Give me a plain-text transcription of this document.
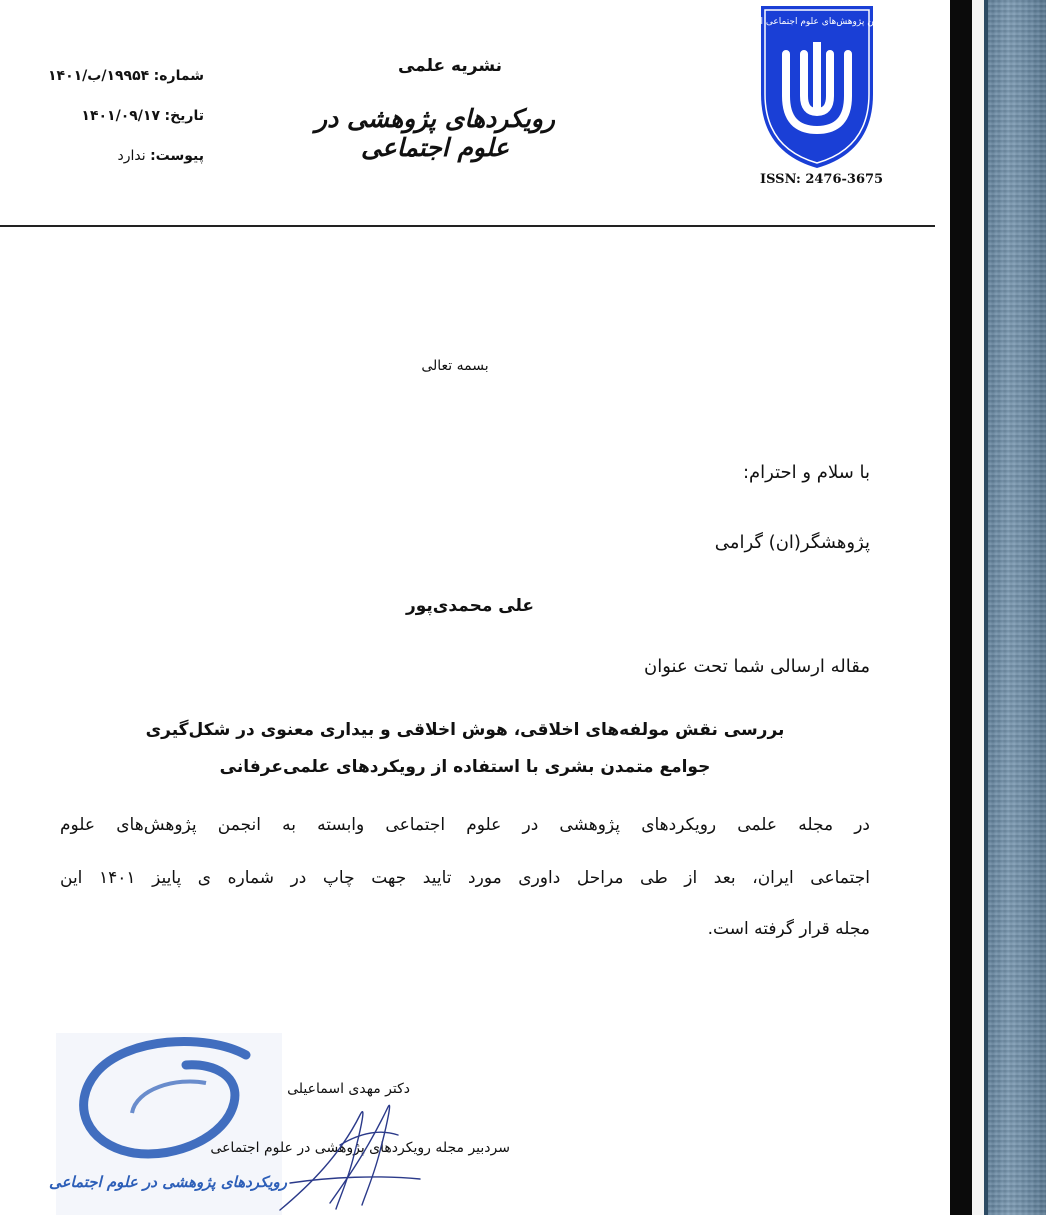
انجمن پژوهش‌های علوم اجتماعی ایران
ISSN: 2476-3675
نشریه علمی
رویکردهای پژوهشی در علوم اجتماعی
شماره: ۱۹۹۵۴/ب/۱۴۰۱
تاریخ: ۱۴۰۱/۰۹/۱۷
پیوست: ندارد
بسمه تعالی
با سلام و احترام:
پژوهشگر(ان) گرامی
علی محمدی‌پور
مقاله ارسالی شما تحت عنوان
بررسی نقش مولفه‌های اخلاقی، هوش اخلاقی و بیداری معنوی در شکل‌گیری
جوامع متمدن بشری با استفاده از رویکردهای علمی‌عرفانی
در مجله علمی رویکردهای پژوهشی در علوم اجتماعی وابسته به انجمن پژوهش‌های علوم
اجتماعی ایران، بعد از طی مراحل داوری مورد تایید جهت چاپ در شماره ی پاییز ۱۴۰۱ این
مجله قرار گرفته است.
رویکردهای پژوهشی در علوم اجتماعی
دکتر مهدی اسماعیلی
سردبیر مجله رویکردهای پژوهشی در علوم اجتماعی
